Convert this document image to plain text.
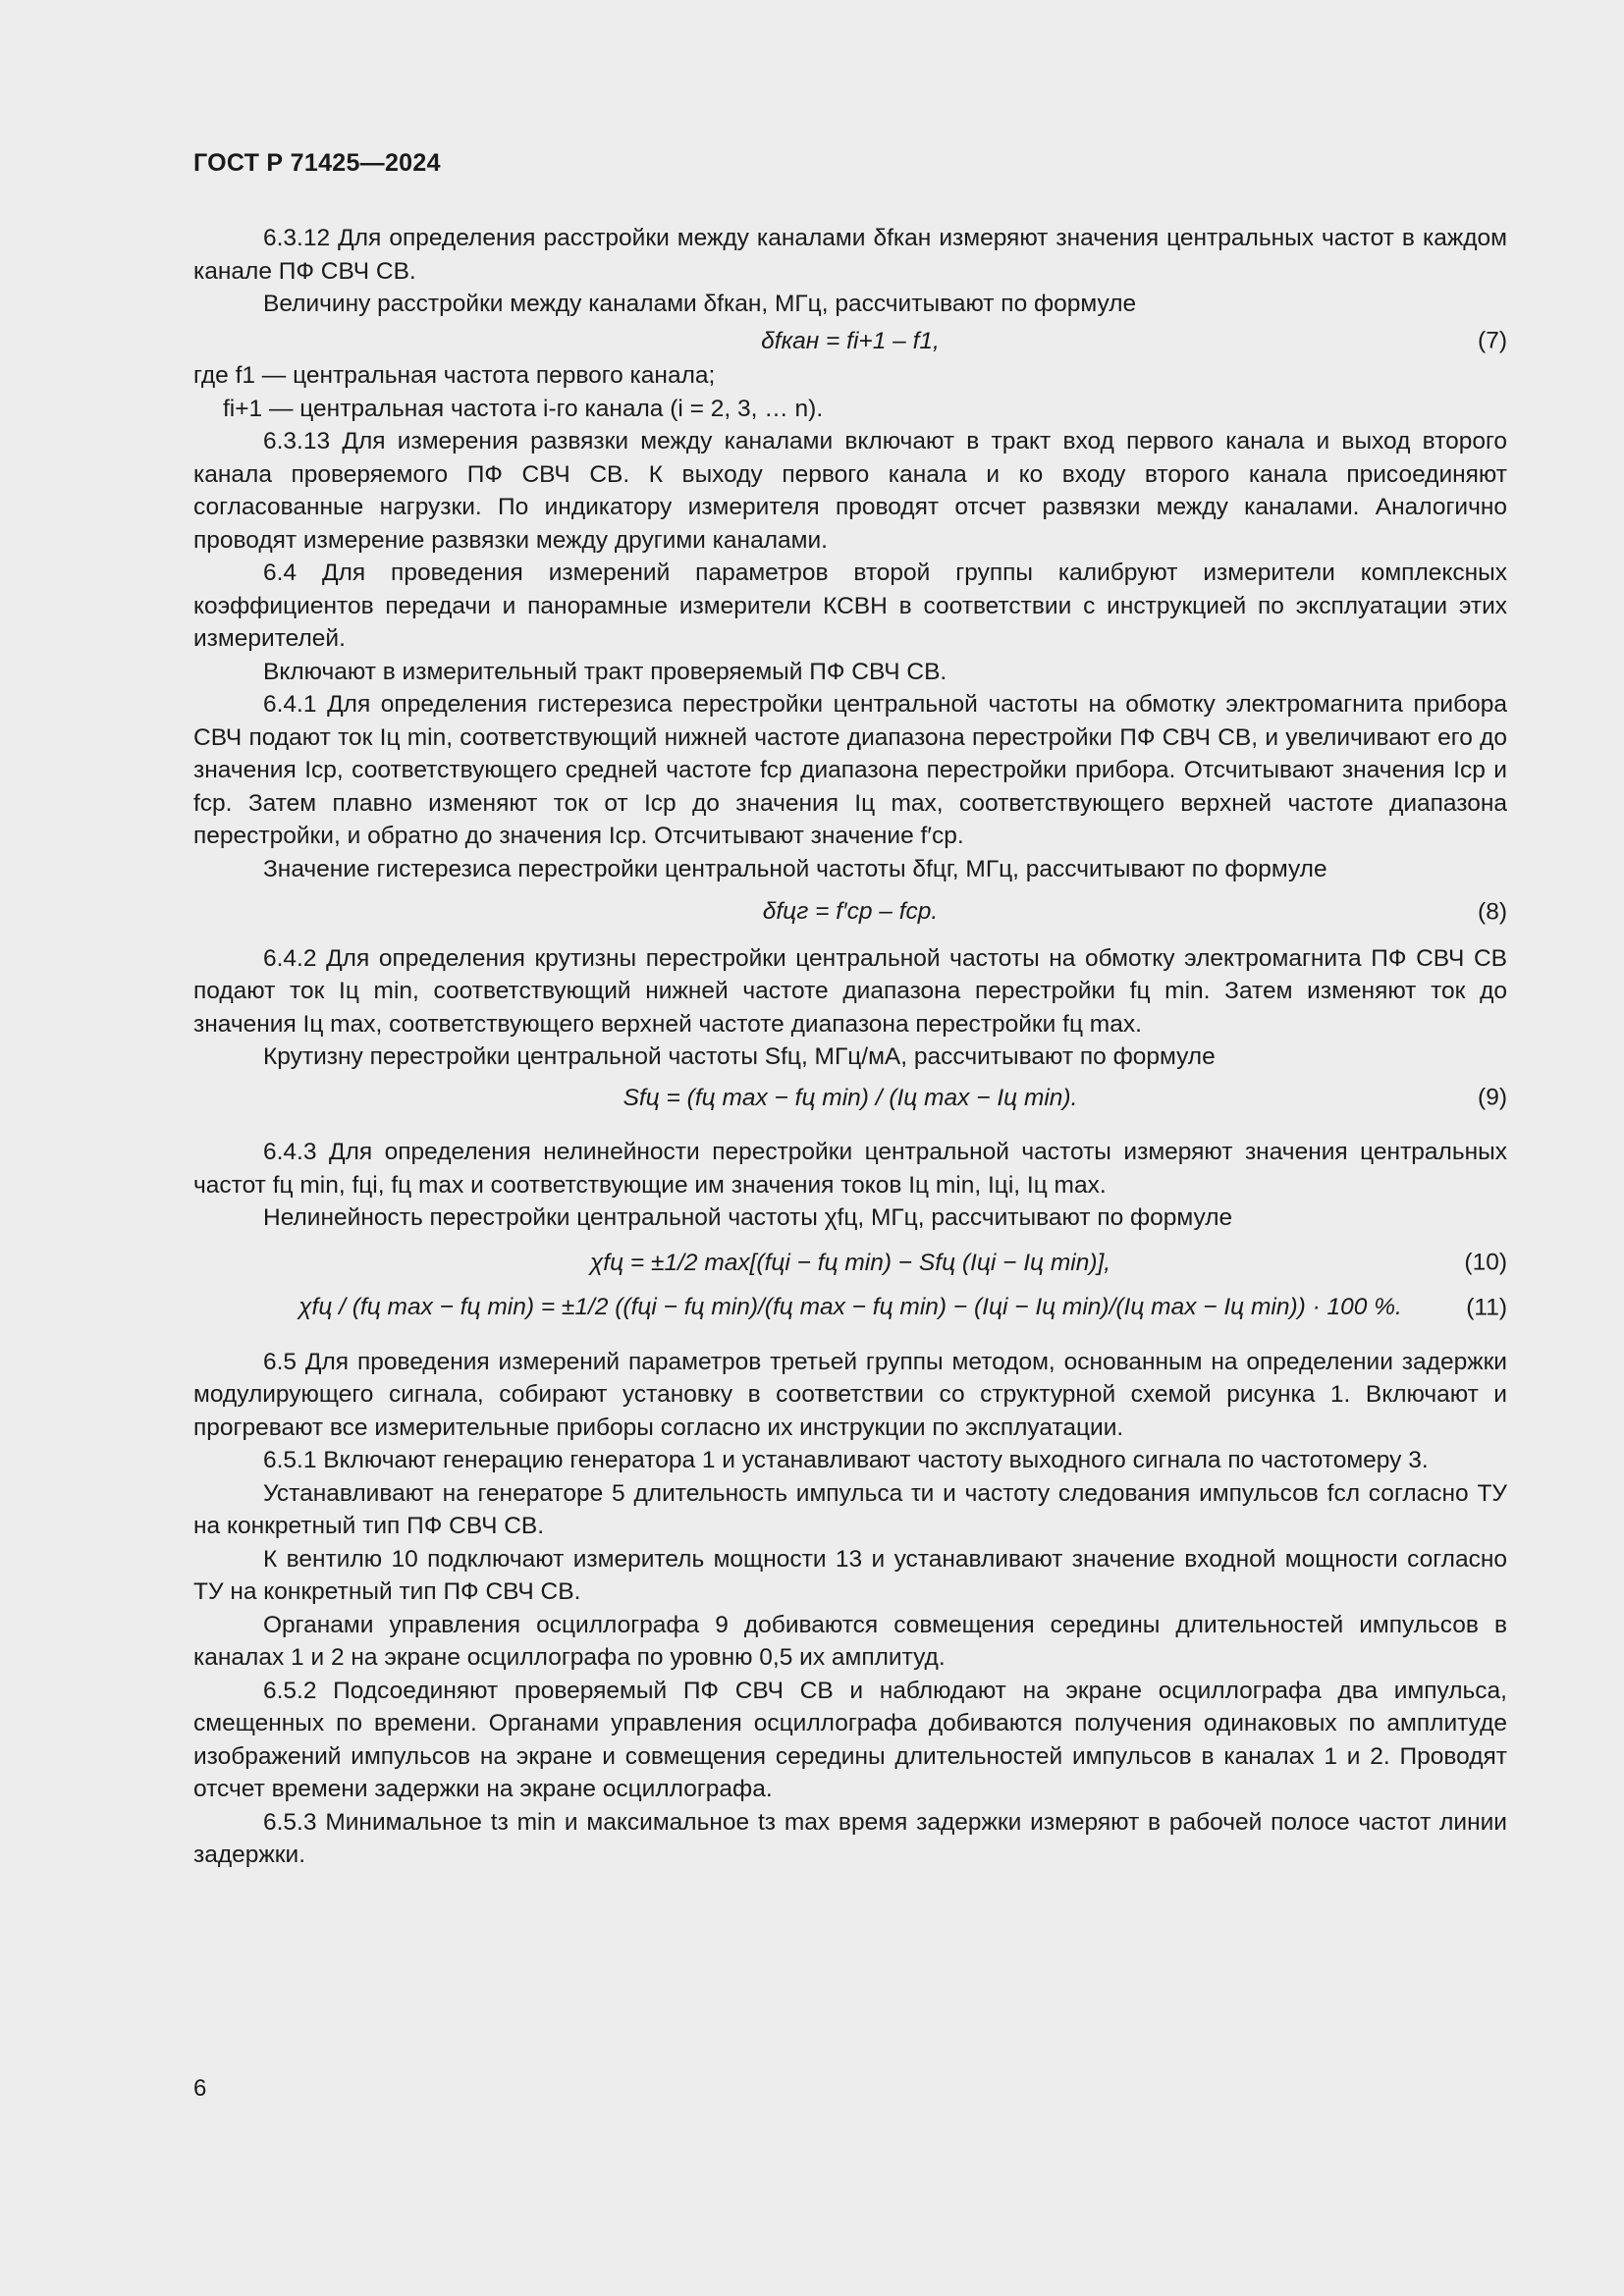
ГОСТ Р 71425—2024

6.3.12 Для определения расстройки между каналами δfкан измеряют значения центральных частот в каждом канале ПФ СВЧ СВ.

Величину расстройки между каналами δfкан, МГц, рассчитывают по формуле

δfкан = fi+1 – f1,	(7)

где f1 — центральная частота первого канала;

fi+1 — центральная частота i-го канала (i = 2, 3, … n).

6.3.13 Для измерения развязки между каналами включают в тракт вход первого канала и выход второго канала проверяемого ПФ СВЧ СВ. К выходу первого канала и ко входу второго канала присоединяют согласованные нагрузки. По индикатору измерителя проводят отсчет развязки между каналами. Аналогично проводят измерение развязки между другими каналами.

6.4 Для проведения измерений параметров второй группы калибруют измерители комплексных коэффициентов передачи и панорамные измерители КСВН в соответствии с инструкцией по эксплуатации этих измерителей.

Включают в измерительный тракт проверяемый ПФ СВЧ СВ.

6.4.1 Для определения гистерезиса перестройки центральной частоты на обмотку электромагнита прибора СВЧ подают ток Iц min, соответствующий нижней частоте диапазона перестройки ПФ СВЧ СВ, и увеличивают его до значения Iср, соответствующего средней частоте fср диапазона перестройки прибора. Отсчитывают значения Iср и fср. Затем плавно изменяют ток от Iср до значения Iц max, соответствующего верхней частоте диапазона перестройки, и обратно до значения Iср. Отсчитывают значение f′ср.

Значение гистерезиса перестройки центральной частоты δfцг, МГц, рассчитывают по формуле

δfцг = f′ср – fср.	(8)

6.4.2 Для определения крутизны перестройки центральной частоты на обмотку электромагнита ПФ СВЧ СВ подают ток Iц min, соответствующий нижней частоте диапазона перестройки fц min. Затем изменяют ток до значения Iц max, соответствующего верхней частоте диапазона перестройки fц max.

Крутизну перестройки центральной частоты Sfц, МГц/мА, рассчитывают по формуле

Sfц = (fц max − fц min) / (Iц max − Iц min).	(9)

6.4.3 Для определения нелинейности перестройки центральной частоты измеряют значения центральных частот fц min, fцi, fц max и соответствующие им значения токов Iц min, Iцi, Iц max.

Нелинейность перестройки центральной частоты χfц, МГц, рассчитывают по формуле

χfц = ±1/2 max[(fцi − fц min) − Sfц (Iцi − Iц min)],	(10)
χfц / (fц max − fц min) = ±1/2 ((fцi − fц min)/(fц max − fц min) − (Iцi − Iц min)/(Iц max − Iц min)) · 100 %.	(11)

6.5 Для проведения измерений параметров третьей группы методом, основанным на определении задержки модулирующего сигнала, собирают установку в соответствии со структурной схемой рисунка 1. Включают и прогревают все измерительные приборы согласно их инструкции по эксплуатации.

6.5.1 Включают генерацию генератора 1 и устанавливают частоту выходного сигнала по частотомеру 3.

Устанавливают на генераторе 5 длительность импульса τи и частоту следования импульсов fсл согласно ТУ на конкретный тип ПФ СВЧ СВ.

К вентилю 10 подключают измеритель мощности 13 и устанавливают значение входной мощности согласно ТУ на конкретный тип ПФ СВЧ СВ.

Органами управления осциллографа 9 добиваются совмещения середины длительностей импульсов в каналах 1 и 2 на экране осциллографа по уровню 0,5 их амплитуд.

6.5.2 Подсоединяют проверяемый ПФ СВЧ СВ и наблюдают на экране осциллографа два импульса, смещенных по времени. Органами управления осциллографа добиваются получения одинаковых по амплитуде изображений импульсов на экране и совмещения середины длительностей импульсов в каналах 1 и 2. Проводят отсчет времени задержки на экране осциллографа.

6.5.3 Минимальное tз min и максимальное tз max время задержки измеряют в рабочей полосе частот линии задержки.

6
